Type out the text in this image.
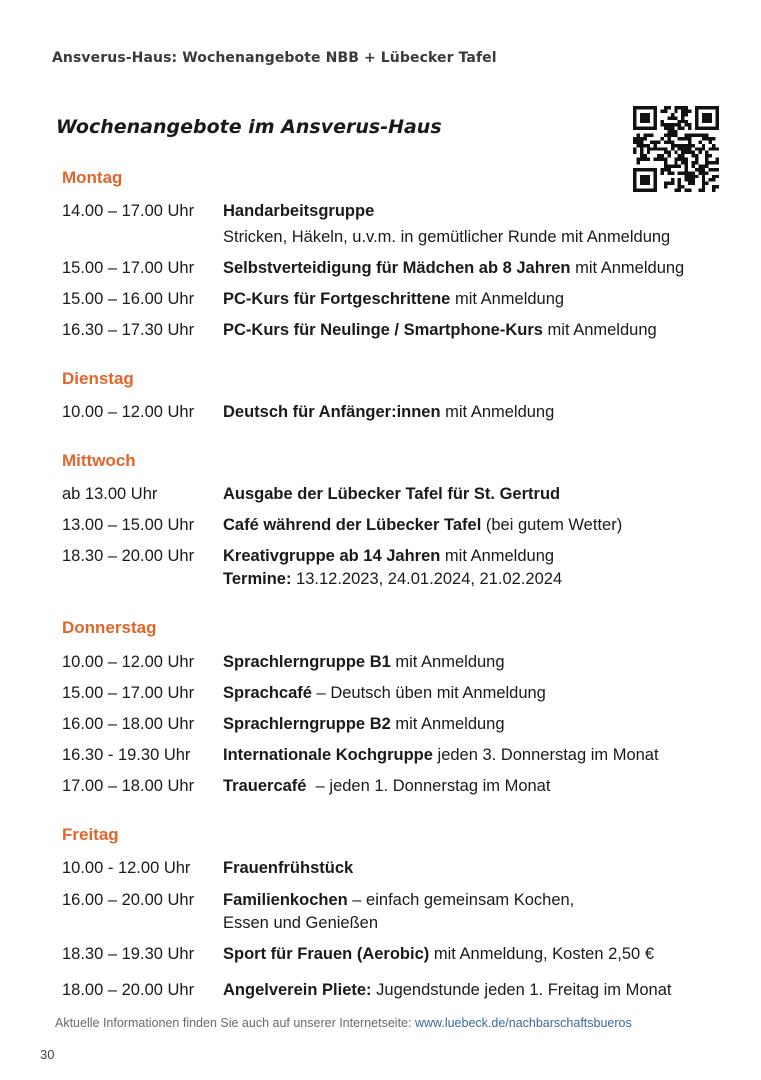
Ansverus-Haus: Wochenangebote NBB + Lübecker Tafel
Wochenangebote im Ansverus-Haus
Montag
14.00 – 17.00 Uhr Handarbeitsgruppe
Stricken, Häkeln, u.v.m. in gemütlicher Runde mit Anmeldung
15.00 – 17.00 Uhr Selbstverteidigung für Mädchen ab 8 Jahren mit Anmeldung
15.00 – 16.00 Uhr PC-Kurs für Fortgeschrittene mit Anmeldung
16.30 – 17.30 Uhr PC-Kurs für Neulinge / Smartphone-Kurs mit Anmeldung
Dienstag
10.00 – 12.00 Uhr Deutsch für Anfänger:innen mit Anmeldung
Mittwoch
ab 13.00 Uhr	Ausgabe der Lübecker Tafel für St. Gertrud
13.00 – 15.00 Uhr Café während der Lübecker Tafel (bei gutem Wetter)
18.30 – 20.00 Uhr Kreativgruppe ab 14 Jahren mit Anmeldung
Termine: 13.12.2023, 24.01.2024, 21.02.2024
Donnerstag
10.00 – 12.00 Uhr Sprachlerngruppe B1 mit Anmeldung
15.00 – 17.00 Uhr Sprachcafé – Deutsch üben mit Anmeldung
16.00 – 18.00 Uhr Sprachlerngruppe B2 mit Anmeldung
16.30 - 19.30 Uhr Internationale Kochgruppe jeden 3. Donnerstag im Monat
17.00 – 18.00 Uhr Trauercafé  – jeden 1. Donnerstag im Monat
Freitag
10.00 - 12.00 Uhr Frauenfrühstück
16.00 – 20.00 Uhr Familienkochen – einfach gemeinsam Kochen,
Essen und Genießen
18.30 – 19.30 Uhr Sport für Frauen (Aerobic) mit Anmeldung, Kosten 2,50 €
18.00 – 20.00 Uhr Angelverein Pliete: Jugendstunde jeden 1. Freitag im Monat
Aktuelle Informationen finden Sie auch auf unserer Internetseite: www.luebeck.de/nachbarschaftsbueros
30
